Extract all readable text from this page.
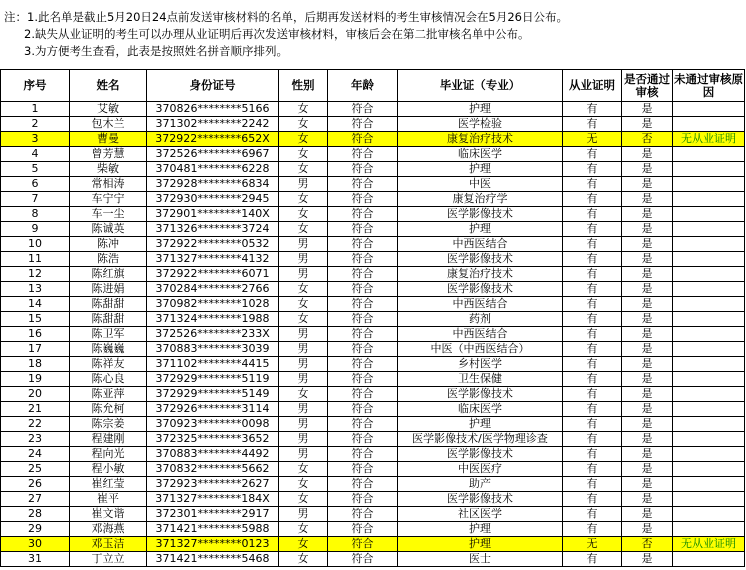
注：1.此名单是截止5月20日24点前发送审核材料的名单，后期再发送材料的考生审核情况会在5月26日公布。
2.缺失从业证明的考生可以办理从业证明后再次发送审核材料，审核后会在第二批审核名单中公布。
3.为方便考生查看，此表是按照姓名拼音顺序排列。
序号	姓名	身份证号	性别	年龄	毕业证（专业）	从业证明	是否通过审核	未通过审核原因
1	艾敏	370826********5166	女	符合	护理	有	是	
2	包木兰	371302********2242	女	符合	医学检验	有	是	
3	曹曼	372922********652X	女	符合	康复治疗技术	无	否	无从业证明
4	曾芳慧	372526********6967	女	符合	临床医学	有	是	
5	柴敏	370481********6228	女	符合	护理	有	是	
6	常相涛	372928********6834	男	符合	中医	有	是	
7	车宁宁	372930********2945	女	符合	康复治疗学	有	是	
8	车一尘	372901********140X	女	符合	医学影像技术	有	是	
9	陈诚英	371326********3724	女	符合	护理	有	是	
10	陈冲	372922********0532	男	符合	中西医结合	有	是	
11	陈浩	371327********4132	男	符合	医学影像技术	有	是	
12	陈红旗	372922********6071	男	符合	康复治疗技术	有	是	
13	陈进娟	370284********2766	女	符合	医学影像技术	有	是	
14	陈甜甜	370982********1028	女	符合	中西医结合	有	是	
15	陈甜甜	371324********1988	女	符合	药剂	有	是	
16	陈卫军	372526********233X	男	符合	中西医结合	有	是	
17	陈巍巍	370883********3039	男	符合	中医（中西医结合）	有	是	
18	陈祥友	371102********4415	男	符合	乡村医学	有	是	
19	陈心良	372929********5119	男	符合	卫生保健	有	是	
20	陈亚萍	372929********5149	女	符合	医学影像技术	有	是	
21	陈允柯	372926********3114	男	符合	临床医学	有	是	
22	陈宗姜	370923********0098	男	符合	护理	有	是	
23	程建刚	372325********3652	男	符合	医学影像技术/医学物理诊查	有	是	
24	程向光	370883********4492	男	符合	医学影像技术	有	是	
25	程小敏	370832********5662	女	符合	中医医疗	有	是	
26	崔红莹	372923********2627	女	符合	助产	有	是	
27	崔平	371327********184X	女	符合	医学影像技术	有	是	
28	崔文谐	372301********2917	男	符合	社区医学	有	是	
29	邓海燕	371421********5988	女	符合	护理	有	是	
30	邓玉洁	371327********0123	女	符合	护理	无	否	无从业证明
31	丁立立	371421********5468	女	符合	医士	有	是	
